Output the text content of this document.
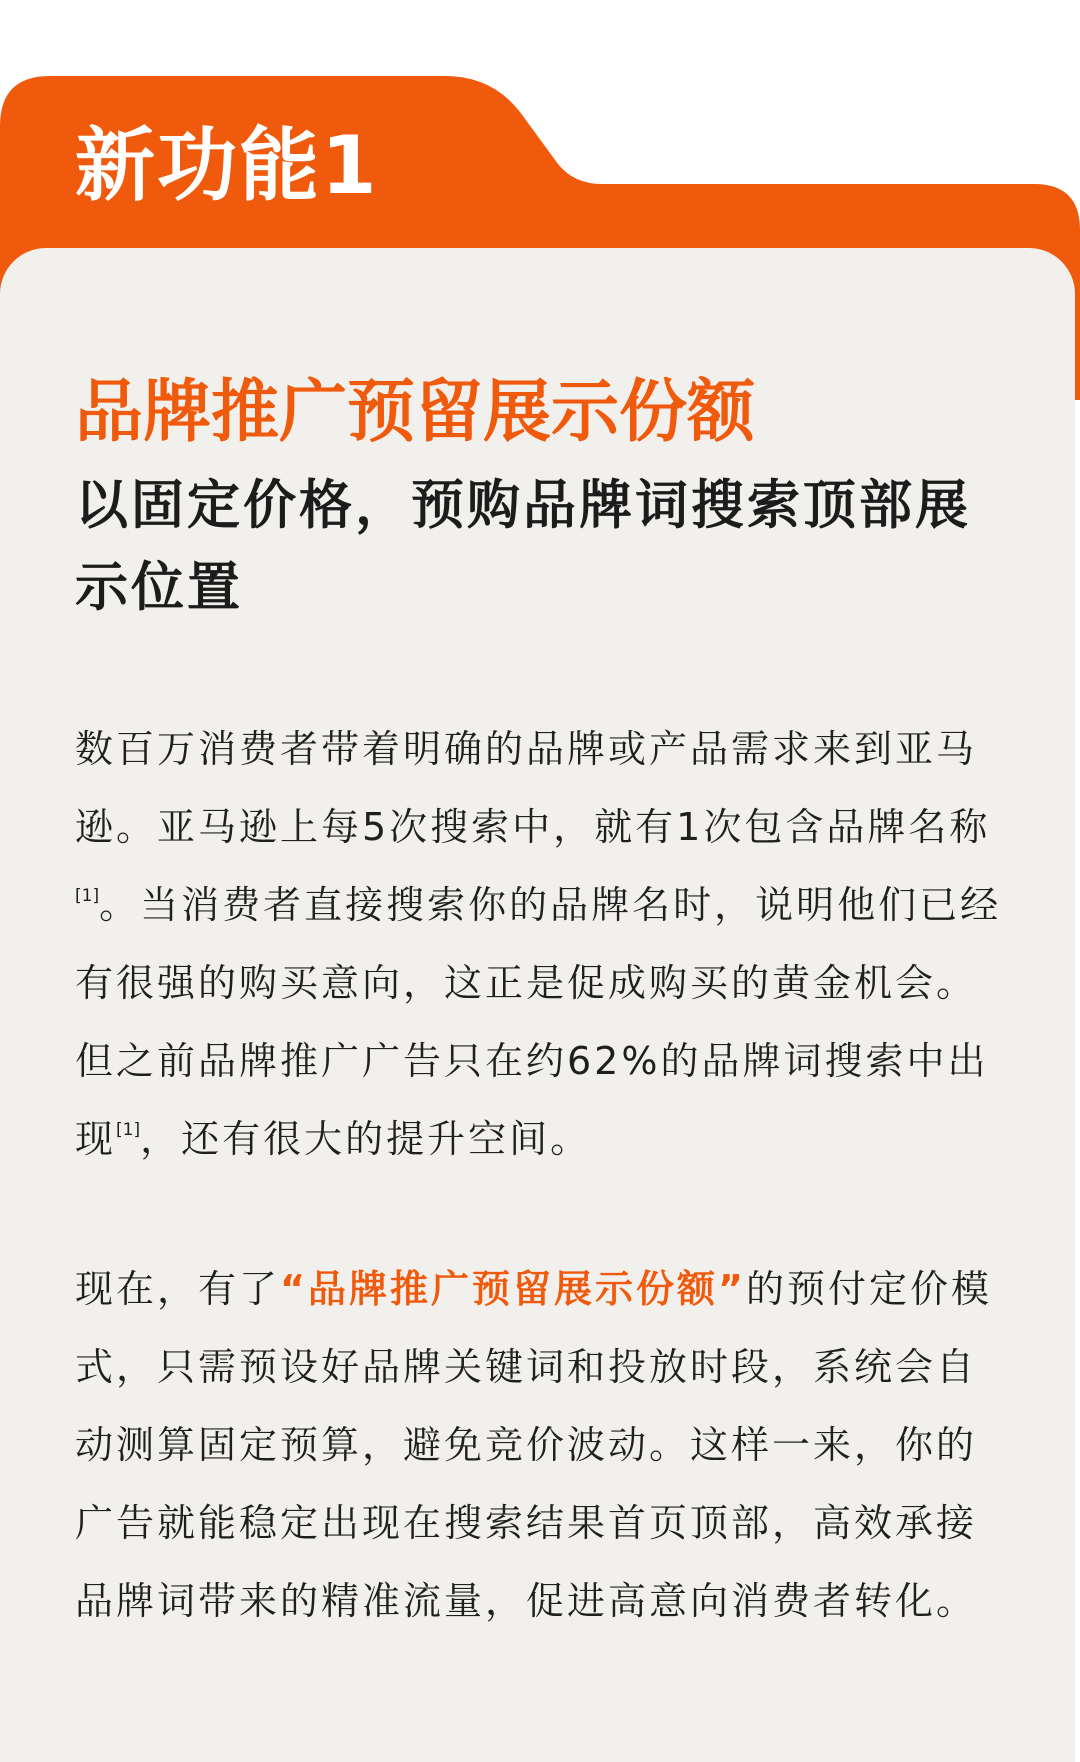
新功能1
品牌推广预留展示份额
以固定价格，预购品牌词搜索顶部展示位置

数百万消费者带着明确的品牌或产品需求来到亚马逊。亚马逊上每5次搜索中，就有1次包含品牌名称[1]。当消费者直接搜索你的品牌名时，说明他们已经有很强的购买意向，这正是促成购买的黄金机会。但之前品牌推广广告只在约62%的品牌词搜索中出现[1]，还有很大的提升空间。

现在，有了“品牌推广预留展示份额”的预付定价模式，只需预设好品牌关键词和投放时段，系统会自动测算固定预算，避免竞价波动。这样一来，你的广告就能稳定出现在搜索结果首页顶部，高效承接品牌词带来的精准流量，促进高意向消费者转化。
